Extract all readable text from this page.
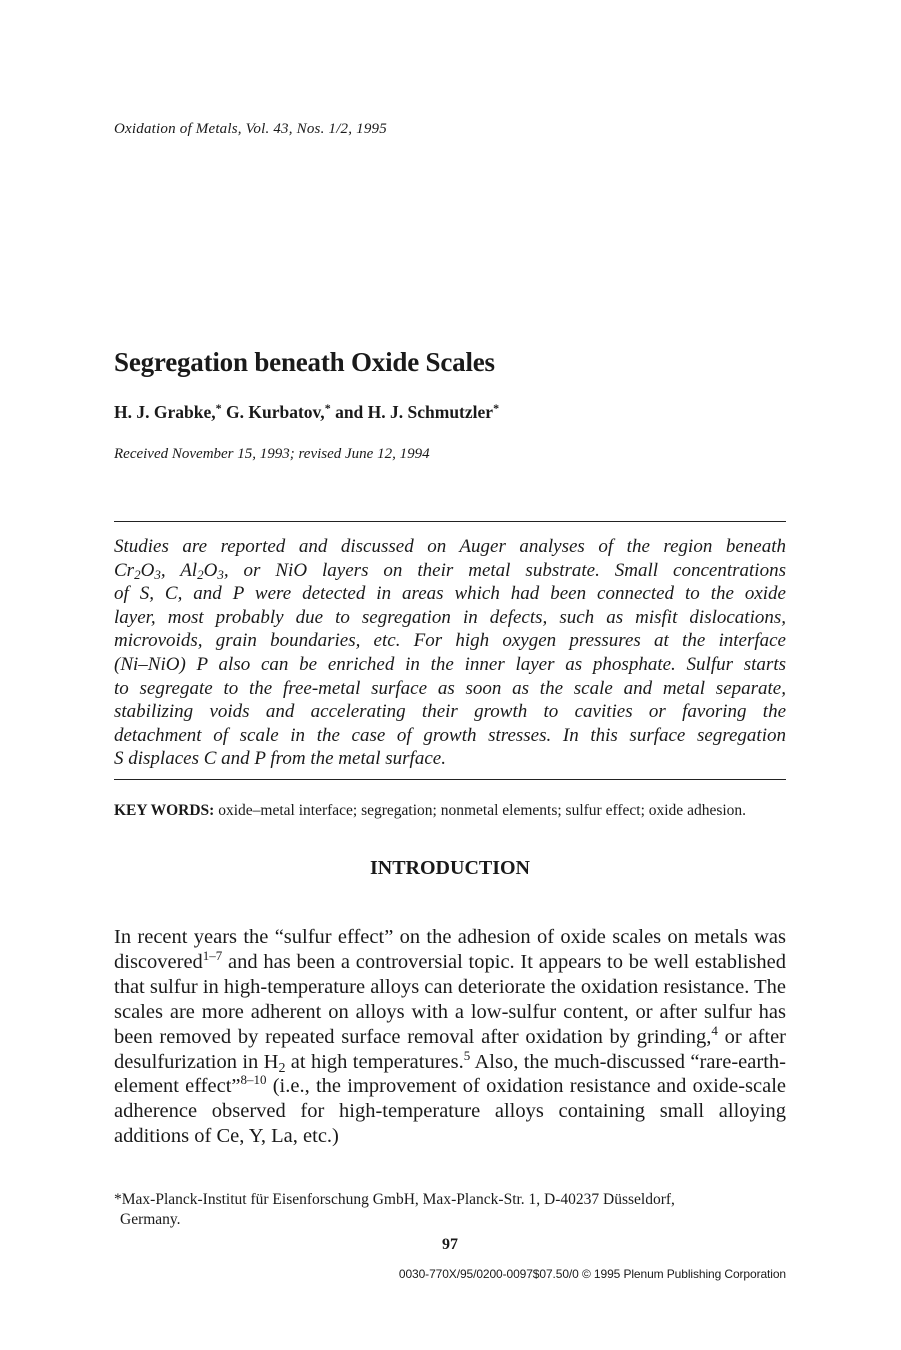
Oxidation of Metals, Vol. 43, Nos. 1/2, 1995
Segregation beneath Oxide Scales
H. J. Grabke,* G. Kurbatov,* and H. J. Schmutzler*
Received November 15, 1993; revised June 12, 1994
Studies are reported and discussed on Auger analyses of the region beneath
$Cr_2O_3$, $Al_2O_3$, or NiO layers on their metal substrate. Small concentrations
of S, C, and P were detected in areas which had been connected to the oxide
layer, most probably due to segregation in defects, such as misfit dislocations,
microvoids, grain boundaries, etc. For high oxygen pressures at the interface
(Ni–NiO) P also can be enriched in the inner layer as phosphate. Sulfur starts
to segregate to the free-metal surface as soon as the scale and metal separate,
stabilizing voids and accelerating their growth to cavities or favoring the
detachment of scale in the case of growth stresses. In this surface segregation
S displaces C and P from the metal surface.
KEY WORDS: oxide–metal interface; segregation; nonmetal elements; sulfur effect; oxide adhesion.
INTRODUCTION
In recent years the “sulfur effect” on the adhesion of oxide scales on metals was discovered$^{1-7}$ and has been a controversial topic. It appears to be well established that sulfur in high-temperature alloys can deteriorate the oxidation resistance. The scales are more adherent on alloys with a low-sulfur content, or after sulfur has been removed by repeated surface removal after oxidation by grinding,$^4$ or after desulfurization in $H_2$ at high temperatures.$^5$ Also, the much-discussed “rare-earth-element effect”$^{8-10}$ (i.e., the improvement of oxidation resistance and oxide-scale adherence observed for high-temperature alloys containing small alloying additions of Ce, Y, La, etc.)
*Max-Planck-Institut für Eisenforschung GmbH, Max-Planck-Str. 1, D-40237 Düsseldorf,
Germany.
97
0030-770X/95/0200-0097$07.50/0 © 1995 Plenum Publishing Corporation
